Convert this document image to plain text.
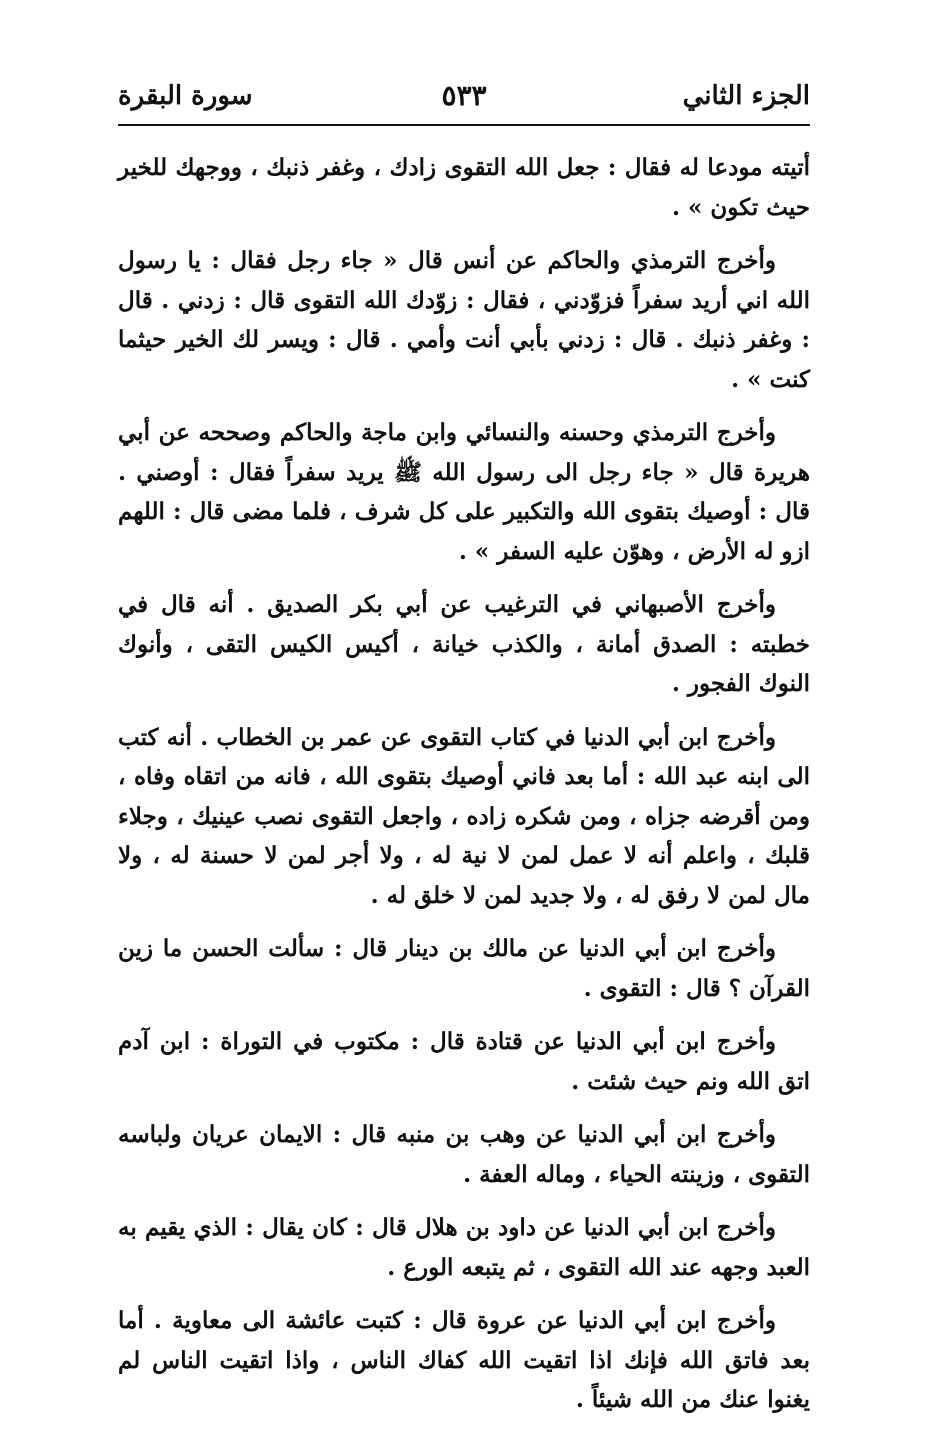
الجزء الثاني
٥٣٣
سورة البقرة

أتيته مودعا له فقال : جعل الله التقوى زادك ، وغفر ذنبك ، ووجهك للخير حيث تكون » .

وأخرج الترمذي والحاكم عن أنس قال « جاء رجل فقال : يا رسول الله اني أريد سفراً فزوّدني ، فقال : زوّدك الله التقوى قال : زدني . قال : وغفر ذنبك . قال : زدني بأبي أنت وأمي . قال : ويسر لك الخير حيثما كنت » .

وأخرج الترمذي وحسنه والنسائي وابن ماجة والحاكم وصححه عن أبي هريرة قال « جاء رجل الى رسول الله ﷺ يريد سفراً فقال : أوصني . قال : أوصيك بتقوى الله والتكبير على كل شرف ، فلما مضى قال : اللهم ازو له الأرض ، وهوّن عليه السفر » .

وأخرج الأصبهاني في الترغيب عن أبي بكر الصديق . أنه قال في خطبته : الصدق أمانة ، والكذب خيانة ، أكيس الكيس التقى ، وأنوك النوك الفجور .

وأخرج ابن أبي الدنيا في كتاب التقوى عن عمر بن الخطاب . أنه كتب الى ابنه عبد الله : أما بعد فاني أوصيك بتقوى الله ، فانه من اتقاه وفاه ، ومن أقرضه جزاه ، ومن شكره زاده ، واجعل التقوى نصب عينيك ، وجلاء قلبك ، واعلم أنه لا عمل لمن لا نية له ، ولا أجر لمن لا حسنة له ، ولا مال لمن لا رفق له ، ولا جديد لمن لا خلق له .

وأخرج ابن أبي الدنيا عن مالك بن دينار قال : سألت الحسن ما زين القرآن ؟ قال : التقوى .

وأخرج ابن أبي الدنيا عن قتادة قال : مكتوب في التوراة : ابن آدم اتق الله ونم حيث شئت .

وأخرج ابن أبي الدنيا عن وهب بن منبه قال : الايمان عريان ولباسه التقوى ، وزينته الحياء ، وماله العفة .

وأخرج ابن أبي الدنيا عن داود بن هلال قال : كان يقال : الذي يقيم به العبد وجهه عند الله التقوى ، ثم يتبعه الورع .

وأخرج ابن أبي الدنيا عن عروة قال : كتبت عائشة الى معاوية . أما بعد فاتق الله فإنك اذا اتقيت الله كفاك الناس ، واذا اتقيت الناس لم يغنوا عنك من الله شيئاً .
